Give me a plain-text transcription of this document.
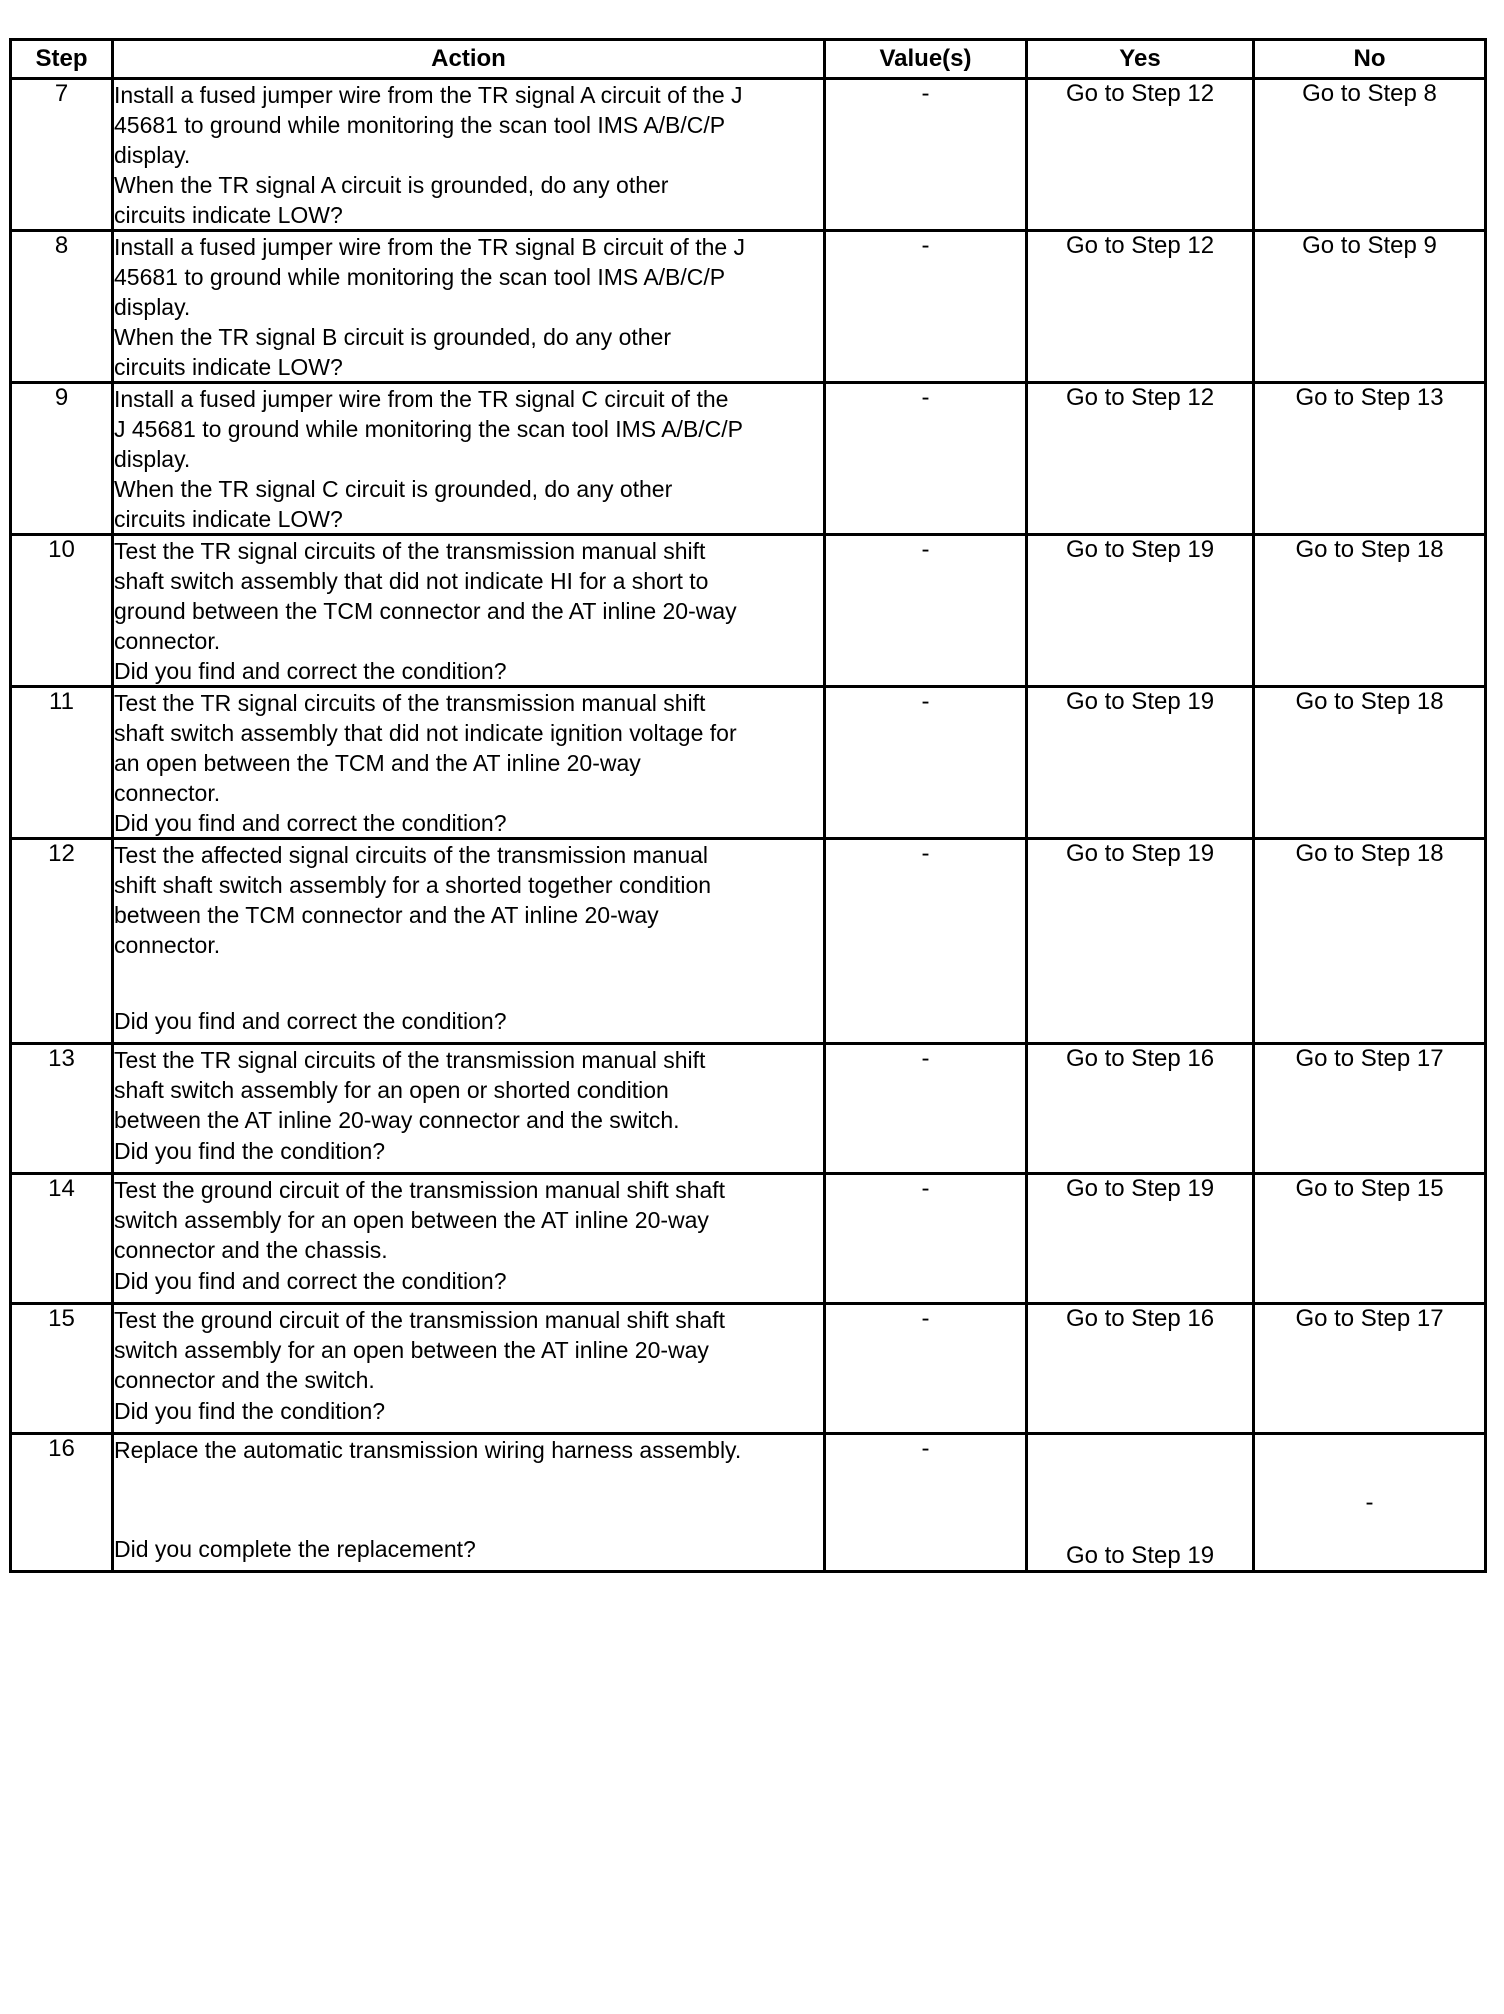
Step	Action	Value(s)	Yes	No
7	Install a fused jumper wire from the TR signal A circuit of the J
45681 to ground while monitoring the scan tool IMS A/B/C/P
display.
When the TR signal A circuit is grounded, do any other
circuits indicate LOW?	-	Go to Step 12	Go to Step 8
8	Install a fused jumper wire from the TR signal B circuit of the J
45681 to ground while monitoring the scan tool IMS A/B/C/P
display.
When the TR signal B circuit is grounded, do any other
circuits indicate LOW?	-	Go to Step 12	Go to Step 9
9	Install a fused jumper wire from the TR signal C circuit of the
J 45681 to ground while monitoring the scan tool IMS A/B/C/P
display.
When the TR signal C circuit is grounded, do any other
circuits indicate LOW?	-	Go to Step 12	Go to Step 13
10	Test the TR signal circuits of the transmission manual shift
shaft switch assembly that did not indicate HI for a short to
ground between the TCM connector and the AT inline 20-way
connector.
Did you find and correct the condition?	-	Go to Step 19	Go to Step 18
11	Test the TR signal circuits of the transmission manual shift
shaft switch assembly that did not indicate ignition voltage for
an open between the TCM and the AT inline 20-way
connector.
Did you find and correct the condition?	-	Go to Step 19	Go to Step 18
12	Test the affected signal circuits of the transmission manual
shift shaft switch assembly for a shorted together condition
between the TCM connector and the AT inline 20-way
connector.
Did you find and correct the condition?	-	Go to Step 19	Go to Step 18
13	Test the TR signal circuits of the transmission manual shift
shaft switch assembly for an open or shorted condition
between the AT inline 20-way connector and the switch.
Did you find the condition?	-	Go to Step 16	Go to Step 17
14	Test the ground circuit of the transmission manual shift shaft
switch assembly for an open between the AT inline 20-way
connector and the chassis.
Did you find and correct the condition?	-	Go to Step 19	Go to Step 15
15	Test the ground circuit of the transmission manual shift shaft
switch assembly for an open between the AT inline 20-way
connector and the switch.
Did you find the condition?	-	Go to Step 16	Go to Step 17
16	Replace the automatic transmission wiring harness assembly.
Did you complete the replacement?	-	Go to Step 19	-
